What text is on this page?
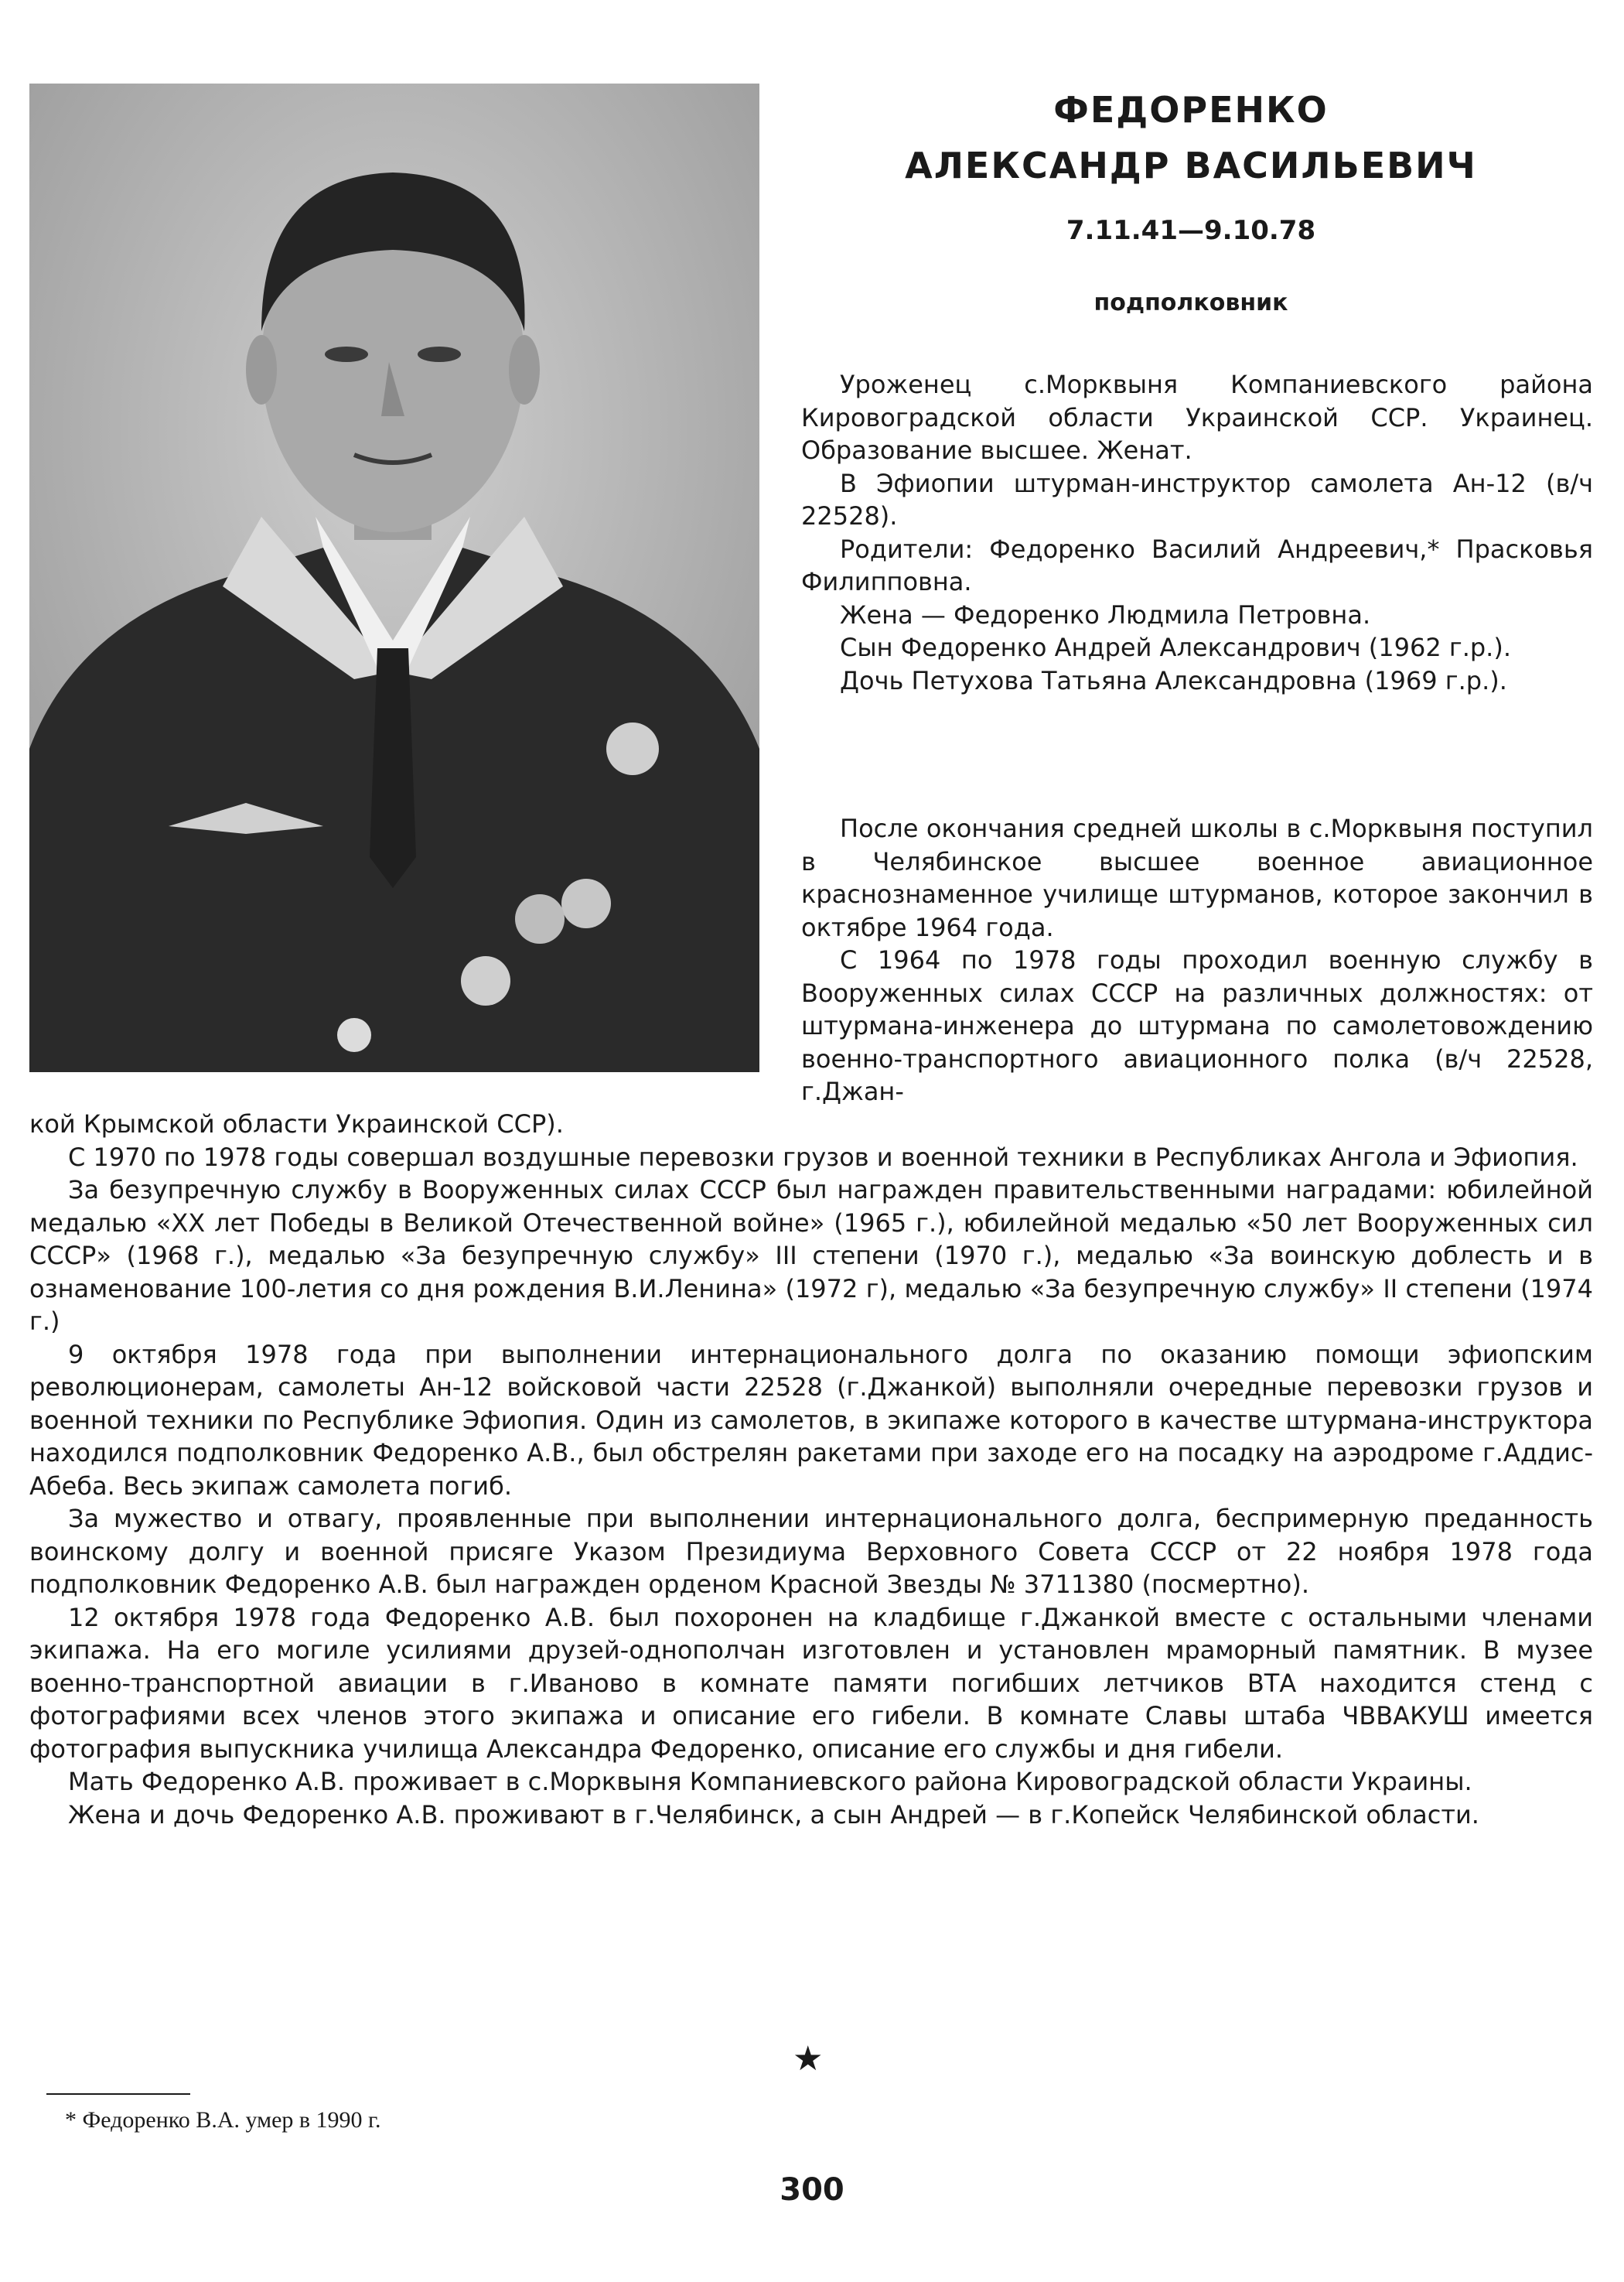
ФЕДОРЕНКО
АЛЕКСАНДР ВАСИЛЬЕВИЧ
7.11.41—9.10.78
подполковник

Уроженец с.Морквыня Компаниевского района Кировоградской области Украинской ССР. Украинец. Образование высшее. Женат.

В Эфиопии штурман-инструктор самолета Ан-12 (в/ч 22528).

Родители: Федоренко Василий Андреевич,* Прасковья Филипповна.

Жена — Федоренко Людмила Петровна.

Сын Федоренко Андрей Александрович (1962 г.р.).

Дочь Петухова Татьяна Александровна (1969 г.р.).

После окончания средней школы в с.Морквыня поступил в Челябинское высшее военное авиационное краснознаменное училище штурманов, которое закончил в октябре 1964 года.

С 1964 по 1978 годы проходил военную службу в Вооруженных силах СССР на различных должностях: от штурмана-инженера до штурмана по самолетовождению военно-транспортного авиационного полка (в/ч 22528, г.Джан-

кой Крымской области Украинской ССР).

С 1970 по 1978 годы совершал воздушные перевозки грузов и военной техники в Республиках Ангола и Эфиопия.

За безупречную службу в Вооруженных силах СССР был награжден правительственными наградами: юбилейной медалью «XX лет Победы в Великой Отечественной войне» (1965 г.), юбилейной медалью «50 лет Вооруженных сил СССР» (1968 г.), медалью «За безупречную службу» III степени (1970 г.), медалью «За воинскую доблесть и в ознаменование 100-летия со дня рождения В.И.Ленина» (1972 г), медалью «За безупречную службу» II степени (1974 г.)

9 октября 1978 года при выполнении интернационального долга по оказанию помощи эфиопским революционерам, самолеты Ан-12 войсковой части 22528 (г.Джанкой) выполняли очередные перевозки грузов и военной техники по Республике Эфиопия. Один из самолетов, в экипаже которого в качестве штурмана-инструктора находился подполковник Федоренко А.В., был обстрелян ракетами при заходе его на посадку на аэродроме г.Аддис-Абеба. Весь экипаж самолета погиб.

За мужество и отвагу, проявленные при выполнении интернационального долга, беспримерную преданность воинскому долгу и военной присяге Указом Президиума Верховного Совета СССР от 22 ноября 1978 года подполковник Федоренко А.В. был награжден орденом Красной Звезды № 3711380 (посмертно).

12 октября 1978 года Федоренко А.В. был похоронен на кладбище г.Джанкой вместе с остальными членами экипажа. На его могиле усилиями друзей-однополчан изготовлен и установлен мраморный памятник. В музее военно-транспортной авиации в г.Иваново в комнате памяти погибших летчиков ВТА находится стенд с фотографиями всех членов этого экипажа и описание его гибели. В комнате Славы штаба ЧВВАКУШ имеется фотография выпускника училища Александра Федоренко, описание его службы и дня гибели.

Мать Федоренко А.В. проживает в с.Морквыня Компаниевского района Кировоградской области Украины.

Жена и дочь Федоренко А.В. проживают в г.Челябинск, а сын Андрей — в г.Копейск Челябинской области.

★
* Федоренко В.А. умер в 1990 г.
300
